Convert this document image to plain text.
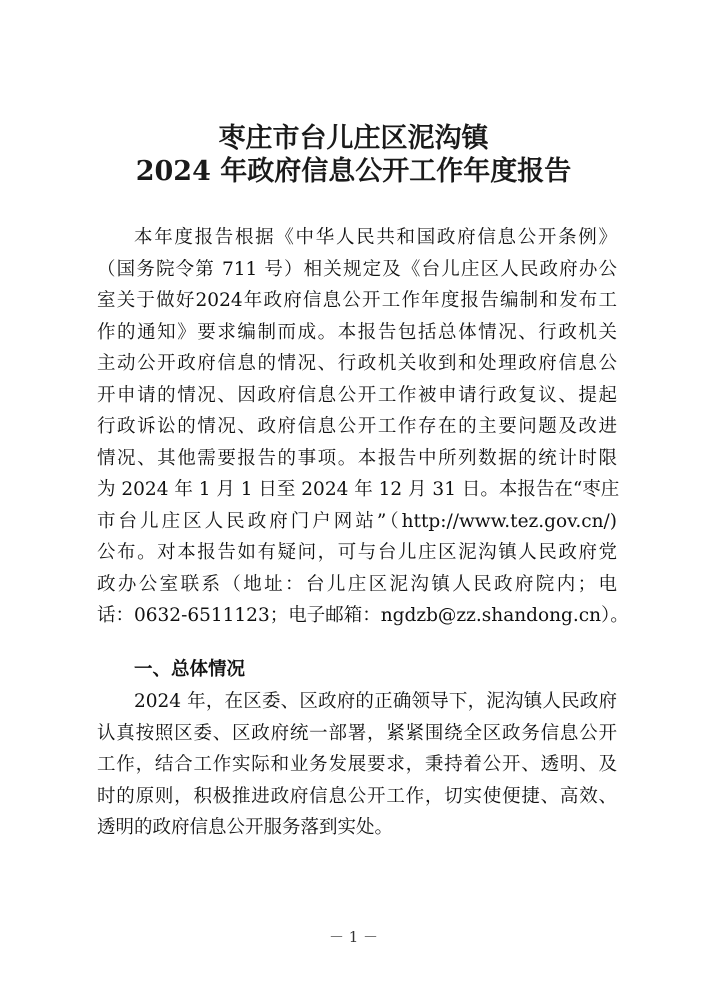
枣庄市台儿庄区泥沟镇
2024 年政府信息公开工作年度报告
本年度报告根据《中华人民共和国政府信息公开条例》
（国务院令第 711 号）相关规定及《台儿庄区人民政府办公
室关于做好2024年政府信息公开工作年度报告编制和发布工
作的通知》要求编制而成。本报告包括总体情况、行政机关
主动公开政府信息的情况、行政机关收到和处理政府信息公
开申请的情况、因政府信息公开工作被申请行政复议、提起
行政诉讼的情况、政府信息公开工作存在的主要问题及改进
情况、其他需要报告的事项。本报告中所列数据的统计时限
为 2024 年 1 月 1 日至 2024 年 12 月 31 日。本报告在“枣庄
市台儿庄区人民政府门户网站”（http://www.tez.gov.cn/)
公布。对本报告如有疑问，可与台儿庄区泥沟镇人民政府党
政办公室联系（地址：台儿庄区泥沟镇人民政府院内；电
话：0632-6511123；电子邮箱：ngdzb@zz.shandong.cn）。
一、总体情况
2024 年，在区委、区政府的正确领导下，泥沟镇人民政府
认真按照区委、区政府统一部署，紧紧围绕全区政务信息公开
工作，结合工作实际和业务发展要求，秉持着公开、透明、及
时的原则，积极推进政府信息公开工作，切实使便捷、高效、
透明的政府信息公开服务落到实处。
－ 1 －
